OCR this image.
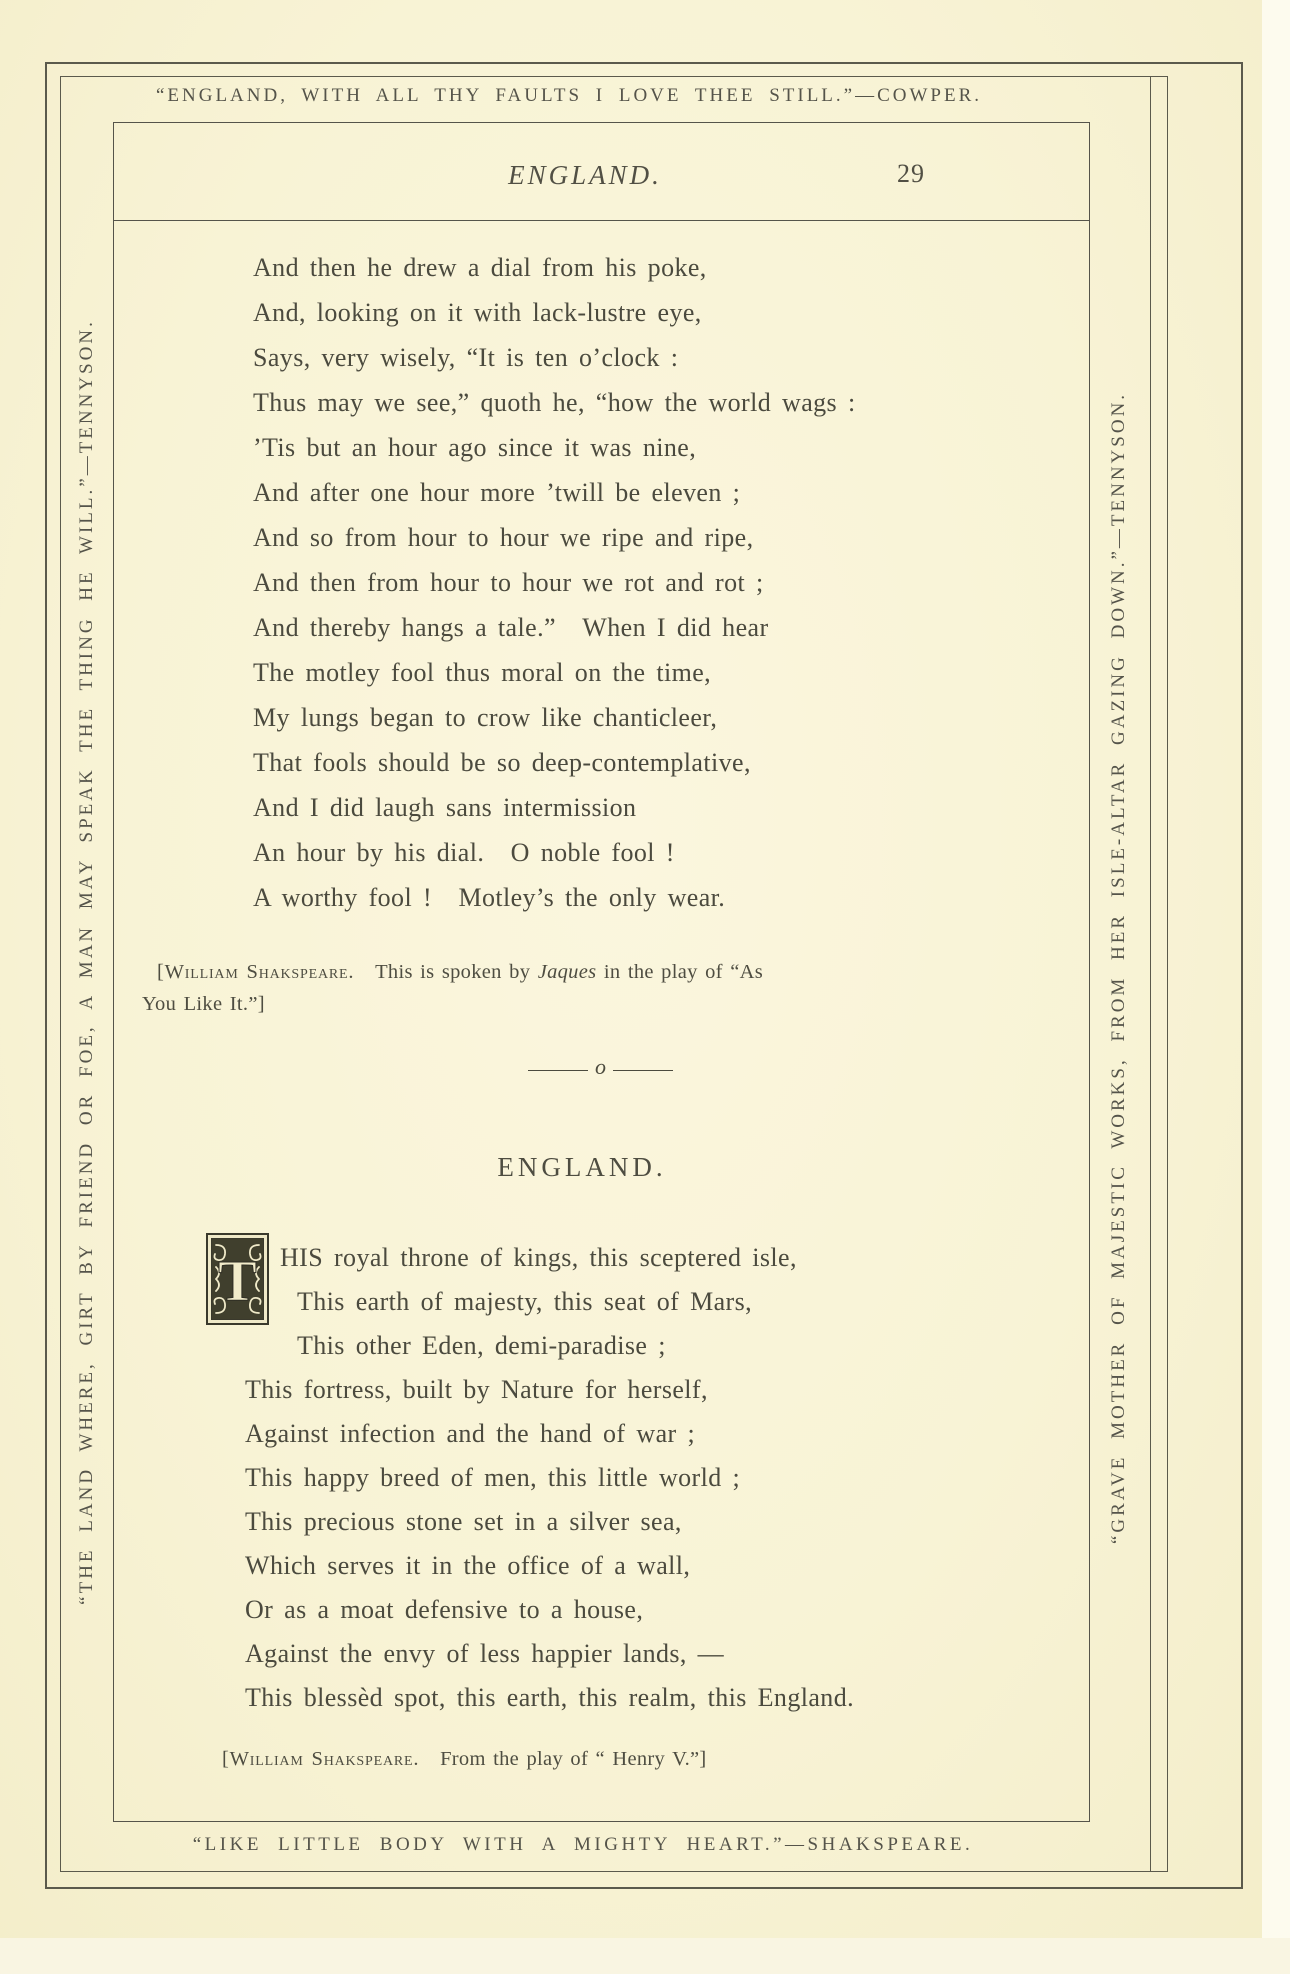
“ENGLAND, WITH ALL THY FAULTS I LOVE THEE STILL.”—COWPER.
“THE LAND WHERE, GIRT BY FRIEND OR FOE, A MAN MAY SPEAK THE THING HE WILL.”—TENNYSON.	“GRAVE MOTHER OF MAJESTIC WORKS, FROM HER ISLE-ALTAR GAZING DOWN.”—TENNYSON.
ENGLAND.	29
And then he drew a dial from his poke,
And, looking on it with lack-lustre eye,
Says, very wisely, “It is ten o’clock :
Thus may we see,” quoth he, “how the world wags :
’Tis but an hour ago since it was nine,
And after one hour more ’twill be eleven ;
And so from hour to hour we ripe and ripe,
And then from hour to hour we rot and rot ;
And thereby hangs a tale.” When I did hear
The motley fool thus moral on the time,
My lungs began to crow like chanticleer,
That fools should be so deep-contemplative,
And I did laugh sans intermission
An hour by his dial. O noble fool !
A worthy fool ! Motley’s the only wear.
[William Shakspeare. This is spoken by Jaques in the play of “As
You Like It.”]
o
ENGLAND.
T HIS royal throne of kings, this sceptered isle,
This earth of majesty, this seat of Mars,
This other Eden, demi-paradise ;
This fortress, built by Nature for herself,
Against infection and the hand of war ;
This happy breed of men, this little world ;
This precious stone set in a silver sea,
Which serves it in the office of a wall,
Or as a moat defensive to a house,
Against the envy of less happier lands, —
This blessèd spot, this earth, this realm, this England.
[William Shakspeare. From the play of “ Henry V.”]
“LIKE LITTLE BODY WITH A MIGHTY HEART.”—SHAKSPEARE.
